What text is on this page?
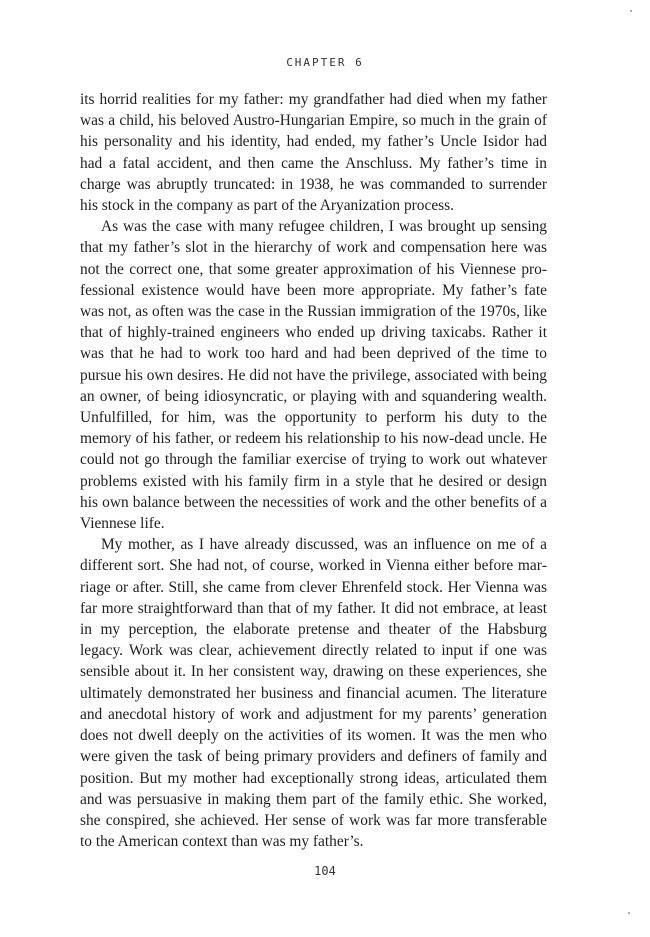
CHAPTER 6

its horrid realities for my father: my grandfather had died when my father was a child, his beloved Austro-Hungarian Empire, so much in the grain of his personality and his identity, had ended, my father’s Uncle Isidor had had a fatal accident, and then came the Anschluss. My father’s time in charge was abruptly truncated: in 1938, he was commanded to surrender his stock in the company as part of the Aryanization process.

As was the case with many refugee children, I was brought up sensing that my father’s slot in the hierarchy of work and compensation here was not the correct one, that some greater approximation of his Viennese professional existence would have been more appropriate. My father’s fate was not, as often was the case in the Russian immigration of the 1970s, like that of highly-trained engineers who ended up driving taxicabs. Rather it was that he had to work too hard and had been deprived of the time to pursue his own desires. He did not have the privilege, associated with being an owner, of being idiosyncratic, or playing with and squandering wealth. Unfulfilled, for him, was the opportunity to perform his duty to the memory of his father, or redeem his relationship to his now-dead uncle. He could not go through the familiar exercise of trying to work out whatever problems existed with his family firm in a style that he desired or design his own balance between the necessities of work and the other benefits of a Viennese life.

My mother, as I have already discussed, was an influence on me of a different sort. She had not, of course, worked in Vienna either before marriage or after. Still, she came from clever Ehrenfeld stock. Her Vienna was far more straightforward than that of my father. It did not embrace, at least in my perception, the elaborate pretense and theater of the Habsburg legacy. Work was clear, achievement directly related to input if one was sensible about it. In her consistent way, drawing on these experiences, she ultimately demonstrated her business and financial acumen. The literature and anecdotal history of work and adjustment for my parents’ generation does not dwell deeply on the activities of its women. It was the men who were given the task of being primary providers and definers of family and position. But my mother had exceptionally strong ideas, articulated them and was persuasive in making them part of the family ethic. She worked, she conspired, she achieved. Her sense of work was far more transferable to the American context than was my father’s.

104
